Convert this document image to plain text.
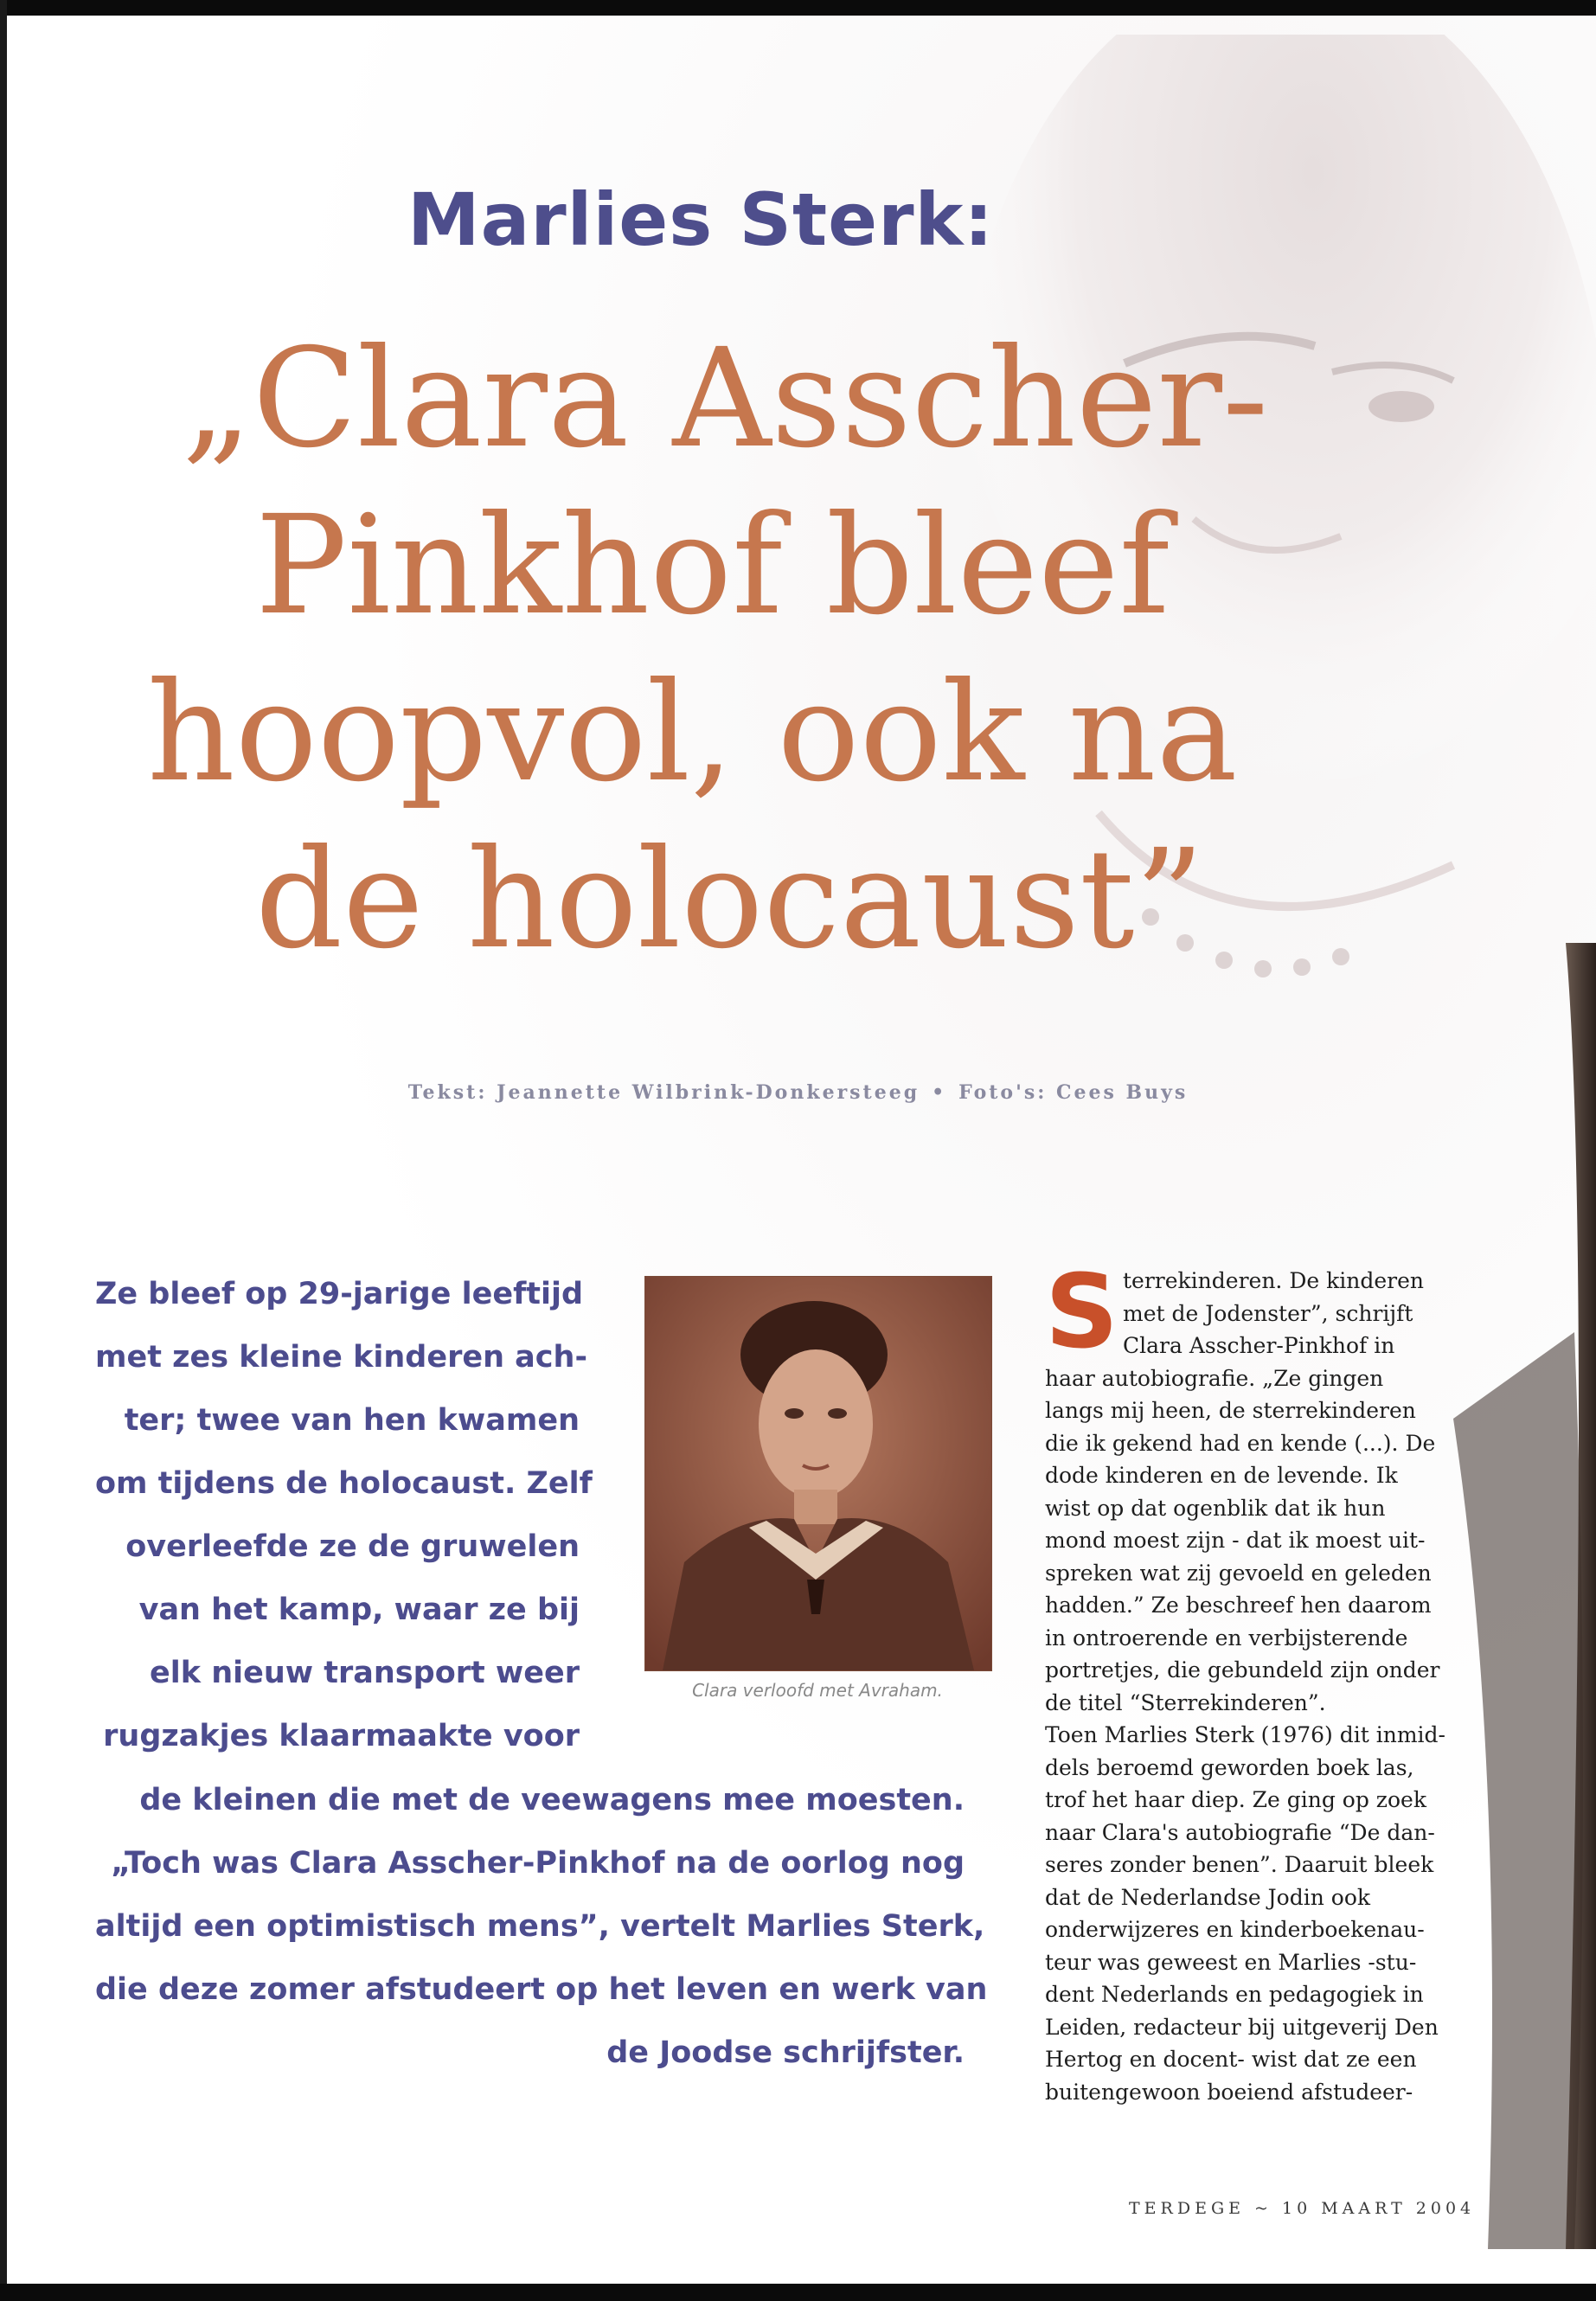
Marlies Sterk:
„Clara Asscher-
Pinkhof bleef
hoopvol, ook na
de holocaust”
Tekst: Jeannette Wilbrink-Donkersteeg • Foto's: Cees Buys
Ze bleef op 29-jarige leeftijd
met zes kleine kinderen ach-
ter; twee van hen kwamen
om tijdens de holocaust. Zelf
overleefde ze de gruwelen
van het kamp, waar ze bij
elk nieuw transport weer
rugzakjes klaarmaakte voor
de kleinen die met de veewagens mee moesten.
„Toch was Clara Asscher-Pinkhof na de oorlog nog
altijd een optimistisch mens”, vertelt Marlies Sterk,
die deze zomer afstudeert op het leven en werk van
de Joodse schrijfster.
Clara verloofd met Avraham.
S terrekinderen. De kinderen
met de Jodenster”, schrijft
Clara Asscher-Pinkhof in
haar autobiografie. „Ze gingen
langs mij heen, de sterrekinderen
die ik gekend had en kende (...). De
dode kinderen en de levende. Ik
wist op dat ogenblik dat ik hun
mond moest zijn - dat ik moest uit-
spreken wat zij gevoeld en geleden
hadden.” Ze beschreef hen daarom
in ontroerende en verbijsterende
portretjes, die gebundeld zijn onder
de titel “Sterrekinderen”.
Toen Marlies Sterk (1976) dit inmid-
dels beroemd geworden boek las,
trof het haar diep. Ze ging op zoek
naar Clara's autobiografie “De dan-
seres zonder benen”. Daaruit bleek
dat de Nederlandse Jodin ook
onderwijzeres en kinderboekenau-
teur was geweest en Marlies -stu-
dent Nederlands en pedagogiek in
Leiden, redacteur bij uitgeverij Den
Hertog en docent- wist dat ze een
buitengewoon boeiend afstudeer-
TERDEGE ~ 10 MAART 2004
